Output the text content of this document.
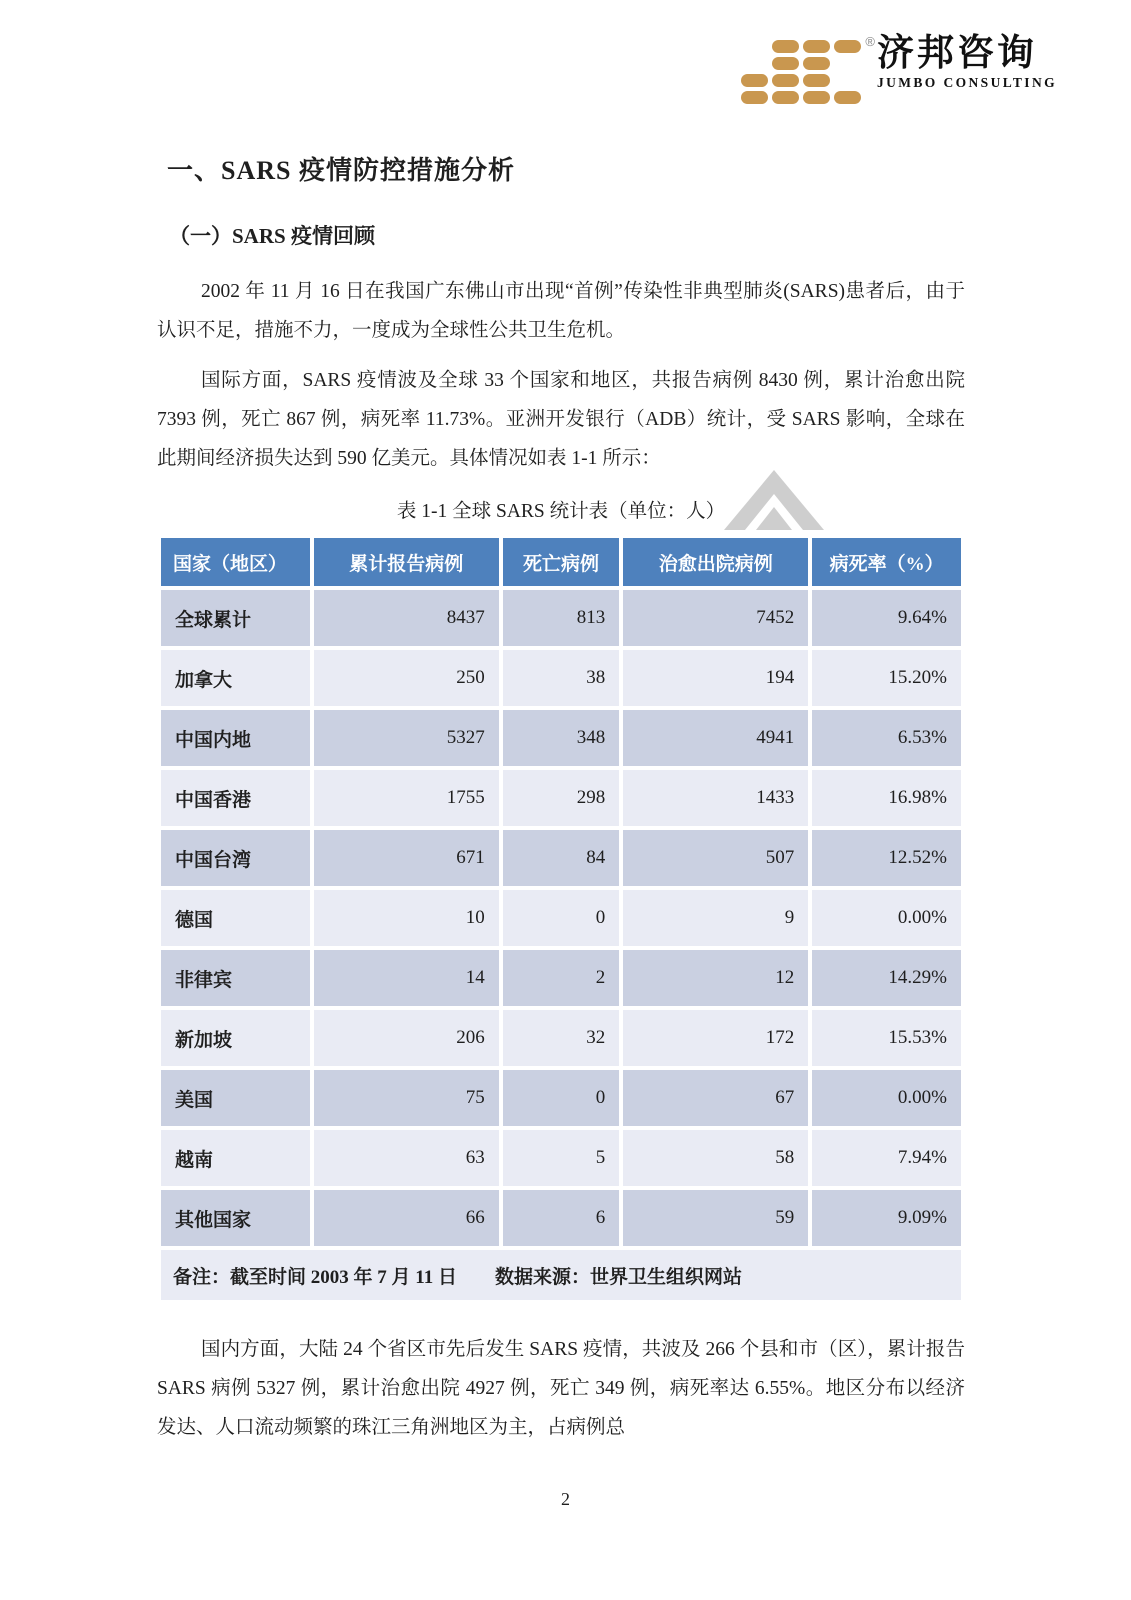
® 济邦咨询
JUMBO CONSULTING
一、SARS 疫情防控措施分析
（一）SARS 疫情回顾

2002 年 11 月 16 日在我国广东佛山市出现“首例”传染性非典型肺炎(SARS)患者后，由于认识不足，措施不力，一度成为全球性公共卫生危机。

国际方面，SARS 疫情波及全球 33 个国家和地区，共报告病例 8430 例，累计治愈出院 7393 例，死亡 867 例，病死率 11.73%。亚洲开发银行（ADB）统计，受 SARS 影响，全球在此期间经济损失达到 590 亿美元。具体情况如表 1-1 所示：

表 1-1 全球 SARS 统计表（单位：人）
国家（地区）	累计报告病例	死亡病例	治愈出院病例	病死率（%）
全球累计	8437	813	7452	9.64%
加拿大	250	38	194	15.20%
中国内地	5327	348	4941	6.53%
中国香港	1755	298	1433	16.98%
中国台湾	671	84	507	12.52%
德国	10	0	9	0.00%
非律宾	14	2	12	14.29%
新加坡	206	32	172	15.53%
美国	75	0	67	0.00%
越南	63	5	58	7.94%
其他国家	66	6	59	9.09%
备注：截至时间 2003 年 7 月 11 日 数据来源：世界卫生组织网站				

国内方面，大陆 24 个省区市先后发生 SARS 疫情，共波及 266 个县和市（区），累计报告 SARS 病例 5327 例，累计治愈出院 4927 例，死亡 349 例，病死率达 6.55%。地区分布以经济发达、人口流动频繁的珠江三角洲地区为主，占病例总

2
